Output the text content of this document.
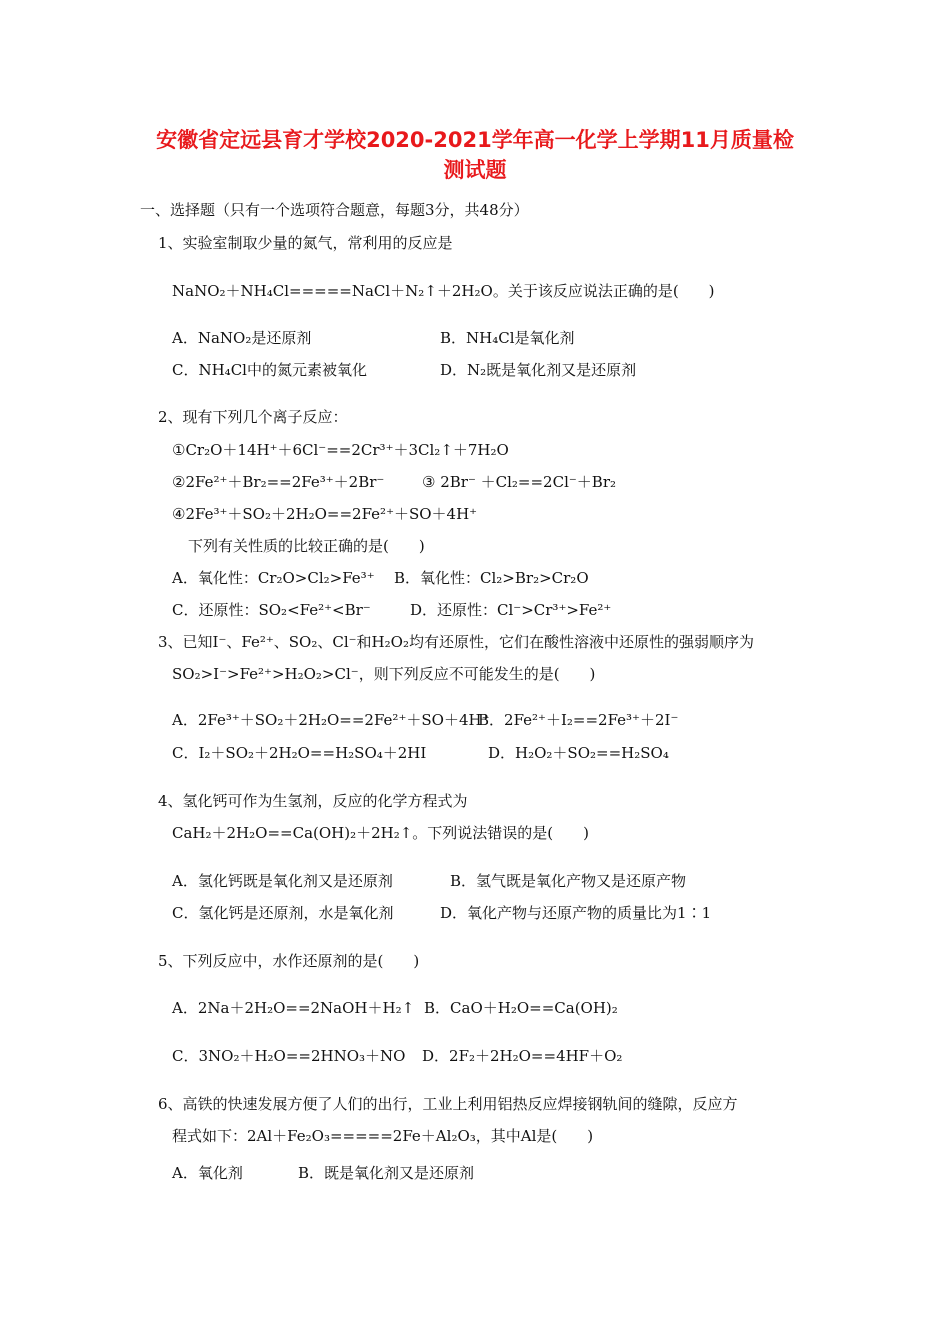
安徽省定远县育才学校2020-2021学年高一化学上学期11月质量检
测试题
一、选择题（只有一个选项符合题意，每题3分，共48分）
1、实验室制取少量的氮气，常利用的反应是
NaNO₂＋NH₄Cl=====NaCl＋N₂↑＋2H₂O。关于该反应说法正确的是(　　)
A．NaNO₂是还原剂	B．NH₄Cl是氧化剂
C．NH₄Cl中的氮元素被氧化	D．N₂既是氧化剂又是还原剂
2、现有下列几个离子反应：
①Cr₂O＋14H⁺＋6Cl⁻==2Cr³⁺＋3Cl₂↑＋7H₂O
②2Fe²⁺＋Br₂==2Fe³⁺＋2Br⁻	③ 2Br⁻ ＋Cl₂==2Cl⁻＋Br₂
④2Fe³⁺＋SO₂＋2H₂O==2Fe²⁺＋SO＋4H⁺
下列有关性质的比较正确的是(　　)
A．氧化性：Cr₂O>Cl₂>Fe³⁺ B．氧化性：Cl₂>Br₂>Cr₂O
C．还原性：SO₂<Fe²⁺<Br⁻	D．还原性：Cl⁻>Cr³⁺>Fe²⁺
3、已知I⁻、Fe²⁺、SO₂、Cl⁻和H₂O₂均有还原性，它们在酸性溶液中还原性的强弱顺序为
SO₂>I⁻>Fe²⁺>H₂O₂>Cl⁻，则下列反应不可能发生的是(　　)
A．2Fe³⁺＋SO₂＋2H₂O==2Fe²⁺＋SO＋4H⁺
B．2Fe²⁺＋I₂==2Fe³⁺＋2I⁻
C．I₂＋SO₂＋2H₂O==H₂SO₄＋2HI	D．H₂O₂＋SO₂==H₂SO₄
4、氢化钙可作为生氢剂，反应的化学方程式为
CaH₂＋2H₂O==Ca(OH)₂＋2H₂↑。下列说法错误的是(　　)
A．氢化钙既是氧化剂又是还原剂	B．氢气既是氧化产物又是还原产物
C．氢化钙是还原剂，水是氧化剂	D．氧化产物与还原产物的质量比为1∶1
5、下列反应中，水作还原剂的是(　　)
A．2Na＋2H₂O==2NaOH＋H₂↑ B．CaO＋H₂O==Ca(OH)₂
C．3NO₂＋H₂O==2HNO₃＋NO D．2F₂＋2H₂O==4HF＋O₂
6、高铁的快速发展方便了人们的出行，工业上利用铝热反应焊接钢轨间的缝隙，反应方
程式如下：2Al＋Fe₂O₃=====2Fe＋Al₂O₃，其中Al是(　　)
A．氧化剂	B．既是氧化剂又是还原剂
